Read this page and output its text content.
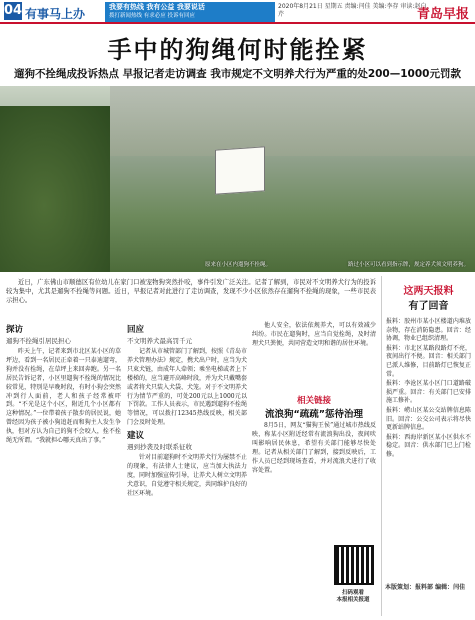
04 有事马上办	我要有热线 我有公益 我要说话
拨打新闻热线 有求必应 投诉有回应
2020年8月21日 星期五 责编:闫佳 美编:李存 审读:赵白芹	青岛早报
手中的狗绳何时能拴紧
遛狗不拴绳成投诉热点 早报记者走访调查 我市规定不文明养犬行为严重的处200—1000元罚款
原来在小区内遛狗不拴绳。	路过小区可以看到指示牌，规定养犬须文明养狗。
近日，广东佛山市顺德区有位幼儿在家门口被宠物狗突然扑咬，事件引发广泛关注。记者了解到，市民对不文明养犬行为的投诉较为集中，尤其是遛狗不拴绳等问题。近日，早报记者对此进行了走访调查，发现不少小区依然存在遛狗不拴绳的现象，一些市民表示担心。
探访
遛狗不拴绳引居民担心

昨天上午，记者来到市北区某小区的草坪边，看到一名居民正牵着一只泰迪遛弯，狗并没有拴绳，在草坪上来回奔跑。另一名居民告诉记者，小区里遛狗不拴绳的情况比较常见，特别是早晚时段，有时小狗会突然冲到行人面前，老人和孩子经常被吓到。“不光是这个小区，附近几个小区都有这种情况。”一位带着孩子散步的居民说，她曾经因为孩子被小狗追赶而和狗主人发生争执，但对方认为自己的狗不会咬人，拴不拴绳无所谓。“我就担心哪天真出了事。”

回应
不文明养犬最高罚千元

记者从市城管部门了解到，按照《青岛市养犬管理办法》规定，携犬出户时，应当为犬只束犬链，由成年人牵领；乘坐电梯或者上下楼梯的，应当避开高峰时段，并为犬只戴嘴套或者将犬只装入犬袋、犬笼。对于不文明养犬行为情节严重的，可处200元以上1000元以下罚款。工作人员表示，市民遇到遛狗不拴绳等情况，可以拨打12345热线反映，相关部门会及时处理。

建议
遇到抄袭及时联系征收

针对目前遛狗时不文明养犬行为屡禁不止的现象，有法律人士建议，应当加大执法力度，同时加强宣传引导，让养犬人树立文明养犬意识，自觉遵守相关规定，共同维护良好的社区环境。

他人安全，依法依规养犬，可以有效减少纠纷。市民在遛狗时，应当自觉拴绳，及时清理犬只粪便，共同营造文明和谐的居住环境。

相关链接
流浪狗“疏疏”惩待治理

8月5日，网友“猫狗王侯”通过城市热线反映，称某小区附近经常有流浪狗出没，夜间吠叫影响居民休息，希望有关部门能够尽快处理。记者从相关部门了解到，接到反映后，工作人员已经到现场查看，并对流浪犬进行了收容处置。

扫码观看
本报相关报道
这两天报料
有了回音

报料：胶州市某小区楼道内堆放杂物，存在消防隐患。回音：经协调，物业已组织清理。

报料：市北区某路段路灯不亮，夜间出行不便。回音：相关部门已派人维修，目前路灯已恢复正常。

报料：李沧区某小区门口道路破损严重。回音：有关部门已安排施工修补。

报料：崂山区某公交站牌信息陈旧。回音：公交公司表示将尽快更新站牌信息。

报料：西海岸新区某小区供水不稳定。回音：供水部门已上门检修。

本版策划：报料部 编辑：闫佳
